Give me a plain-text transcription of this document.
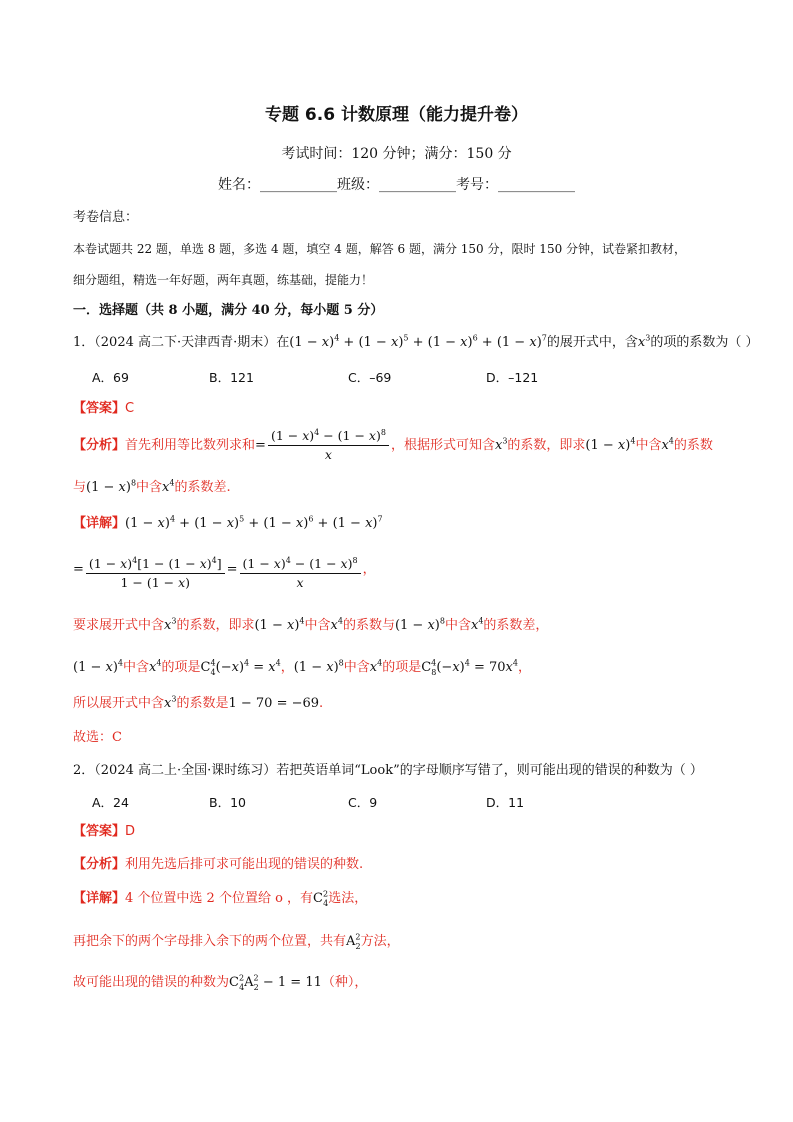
专题 6.6 计数原理（能力提升卷）
考试时间：120 分钟；满分：150 分
姓名：___________班级：___________考号：___________
考卷信息：
本卷试题共 22 题，单选 8 题，多选 4 题，填空 4 题，解答 6 题，满分 150 分，限时 150 分钟，试卷紧扣教材，
细分题组，精选一年好题，两年真题，练基础，提能力！
一．选择题（共 8 小题，满分 40 分，每小题 5 分）
1．（2024 高二下·天津西青·期末）在$(1 - x)^4 + (1 - x)^5 + (1 - x)^6 + (1 - x)^7$的展开式中，含$x^3$的项的系数为（ ）
A．69	B．121	C．–69	D．–121
【答案】C
【分析】首先利用等比数列求和= $\frac{(1 - x)^4 - (1 - x)^8}{x}$ ，根据形式可知含$x^3$的系数，即求$(1 - x)^4$中含$x^4$的系数
与$(1 - x)^8$中含$x^4$的系数差.
【详解】$(1 - x)^4 + (1 - x)^5 + (1 - x)^6 + (1 - x)^7$
= $\frac{(1 - x)^4[1 - (1 - x)^4]}{1 - (1 - x)} = \frac{(1 - x)^4 - (1 - x)^8}{x}$ ，
要求展开式中含$x^3$的系数，即求$(1 - x)^4$中含$x^4$的系数与$(1 - x)^8$中含$x^4$的系数差，
$(1 - x)^4$中含$x^4$的项是$C^4_4(-x)^4 = x^4$，$(1 - x)^8$中含$x^4$的项是$C^4_8(-x)^4 = 70x^4$，
所以展开式中含$x^3$的系数是1 − 70 = −69.
故选：C
2．（2024 高二上·全国·课时练习）若把英语单词“Look”的字母顺序写错了，则可能出现的错误的种数为（ ）
A．24	B．10	C．9	D．11
【答案】D
【分析】利用先选后排可求可能出现的错误的种数.
【详解】4 个位置中选 2 个位置给 o ，有$C^2_4$选法，
再把余下的两个字母排入余下的两个位置，共有$A^2_2$方法，
故可能出现的错误的种数为$C^2_4A^2_2 - 1 = 11$（种），
